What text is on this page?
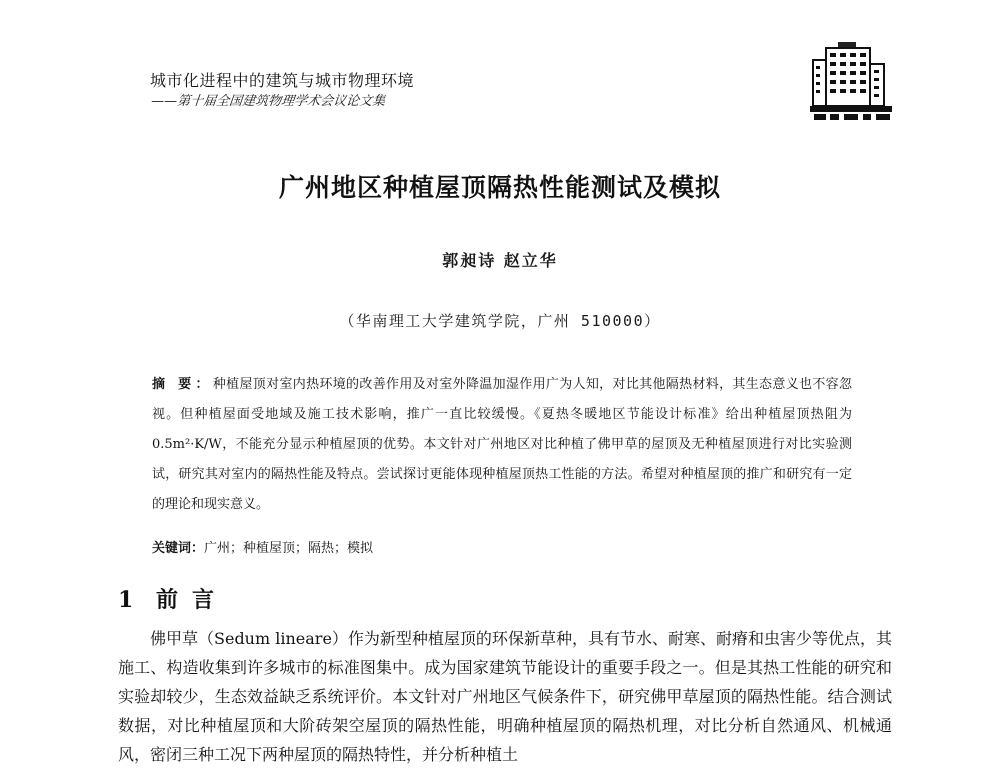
城市化进程中的建筑与城市物理环境
——第十届全国建筑物理学术会议论文集
广州地区种植屋顶隔热性能测试及模拟
郭昶诗 赵立华
（华南理工大学建筑学院，广州 510000）
摘 要：种植屋顶对室内热环境的改善作用及对室外降温加湿作用广为人知，对比其他隔热材料，其生态意义也不容忽视。但种植屋面受地域及施工技术影响，推广一直比较缓慢。《夏热冬暖地区节能设计标准》给出种植屋顶热阻为 0.5m²·K/W，不能充分显示种植屋顶的优势。本文针对广州地区对比种植了佛甲草的屋顶及无种植屋顶进行对比实验测试，研究其对室内的隔热性能及特点。尝试探讨更能体现种植屋顶热工性能的方法。希望对种植屋顶的推广和研究有一定的理论和现实意义。
关键词：广州；种植屋顶；隔热；模拟
1 前言

佛甲草（Sedum lineare）作为新型种植屋顶的环保新草种，具有节水、耐寒、耐瘠和虫害少等优点，其施工、构造收集到许多城市的标准图集中。成为国家建筑节能设计的重要手段之一。但是其热工性能的研究和实验却较少，生态效益缺乏系统评价。本文针对广州地区气候条件下，研究佛甲草屋顶的隔热性能。结合测试数据，对比种植屋顶和大阶砖架空屋顶的隔热性能，明确种植屋顶的隔热机理，对比分析自然通风、机械通风，密闭三种工况下两种屋顶的隔热特性，并分析种植土
